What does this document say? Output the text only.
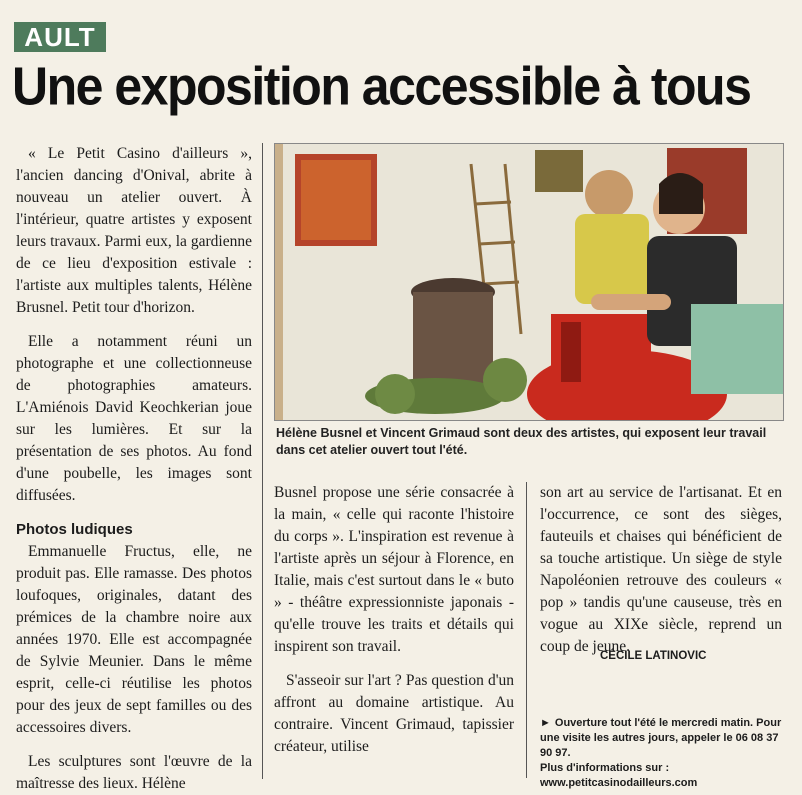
AULT
Une exposition accessible à tous

« Le Petit Casino d'ailleurs », l'ancien dancing d'Onival, abrite à nouveau un atelier ouvert. À l'intérieur, quatre artistes y exposent leurs travaux. Parmi eux, la gardienne de ce lieu d'exposition estivale : l'artiste aux multiples talents, Hélène Brusnel. Petit tour d'horizon.

Elle a notamment réuni un photographe et une collectionneuse de photographies amateurs. L'Amiénois David Keochkerian joue sur les lumières. Et sur la présentation de ses photos. Au fond d'une poubelle, les images sont diffusées.

Photos ludiques

Emmanuelle Fructus, elle, ne produit pas. Elle ramasse. Des photos loufoques, originales, datant des prémices de la chambre noire aux années 1970. Elle est accompagnée de Sylvie Meunier. Dans le même esprit, celle-ci réutilise les photos pour des jeux de sept familles ou des accessoires divers.

Les sculptures sont l'œuvre de la maîtresse des lieux. Hélène

Hélène Busnel et Vincent Grimaud sont deux des artistes, qui exposent leur travail dans cet atelier ouvert tout l'été.

Busnel propose une série consacrée à la main, « celle qui raconte l'histoire du corps ». L'inspiration est revenue à l'artiste après un séjour à Florence, en Italie, mais c'est surtout dans le « buto » - théâtre expressionniste japonais - qu'elle trouve les traits et détails qui inspirent son travail.

S'asseoir sur l'art ? Pas question d'un affront au domaine artistique. Au contraire. Vincent Grimaud, tapissier créateur, utilise

son art au service de l'artisanat. Et en l'occurrence, ce sont des sièges, fauteuils et chaises qui bénéficient de sa touche artistique. Un siège de style Napoléonien retrouve des couleurs « pop » tandis qu'une causeuse, très en vogue au XIXe siècle, reprend un coup de jeune.

CÉCILE LATINOVIC
► Ouverture tout l'été le mercredi matin. Pour une visite les autres jours, appeler le 06 08 37 90 97.
Plus d'informations sur :
www.petitcasinodailleurs.com
